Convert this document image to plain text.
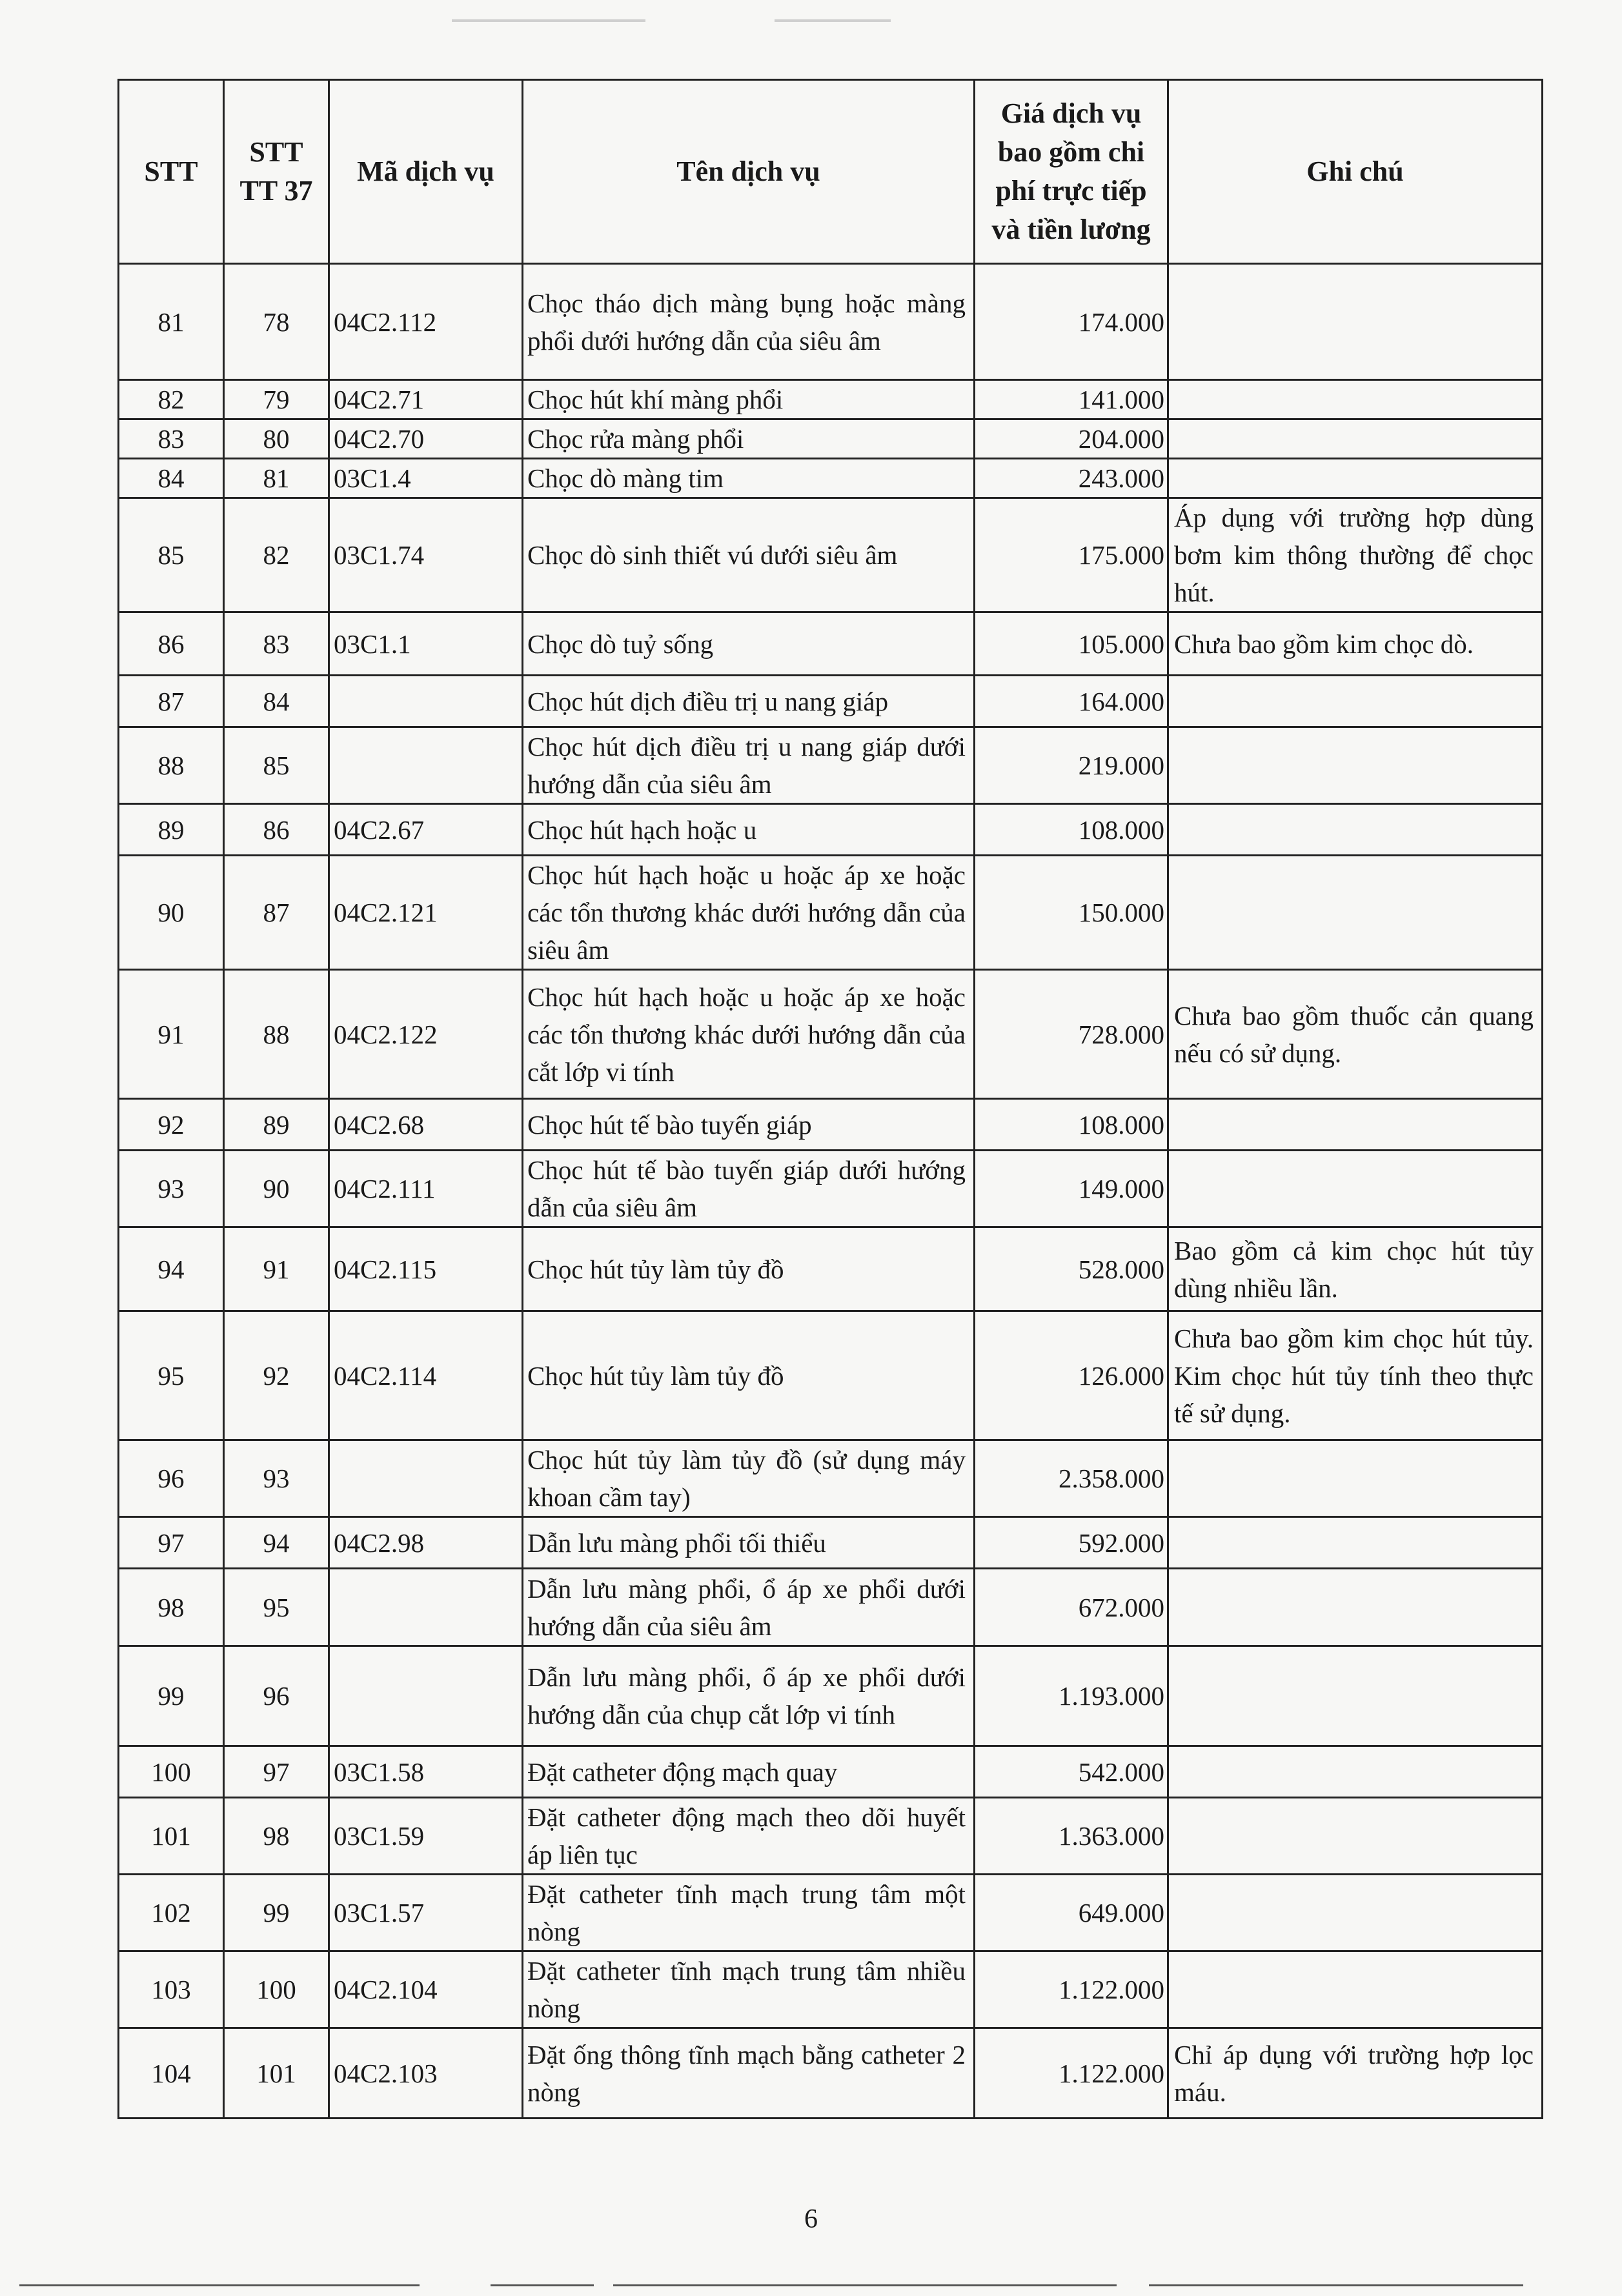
STT	STT TT 37	Mã dịch vụ	Tên dịch vụ	Giá dịch vụ bao gồm chi phí trực tiếp và tiền lương	Ghi chú
81	78	04C2.112	Chọc tháo dịch màng bụng hoặc màng phổi dưới hướng dẫn của siêu âm	174.000	
82	79	04C2.71	Chọc hút khí màng phổi	141.000	
83	80	04C2.70	Chọc rửa màng phổi	204.000	
84	81	03C1.4	Chọc dò màng tim	243.000	
85	82	03C1.74	Chọc dò sinh thiết vú dưới siêu âm	175.000	Áp dụng với trường hợp dùng bơm kim thông thường để chọc hút.
86	83	03C1.1	Chọc dò tuỷ sống	105.000	Chưa bao gồm kim chọc dò.
87	84		Chọc hút dịch điều trị u nang giáp	164.000	
88	85		Chọc hút dịch điều trị u nang giáp dưới hướng dẫn của siêu âm	219.000	
89	86	04C2.67	Chọc hút hạch hoặc u	108.000	
90	87	04C2.121	Chọc hút hạch hoặc u hoặc áp xe hoặc các tổn thương khác dưới hướng dẫn của siêu âm	150.000	
91	88	04C2.122	Chọc hút hạch hoặc u hoặc áp xe hoặc các tổn thương khác dưới hướng dẫn của cắt lớp vi tính	728.000	Chưa bao gồm thuốc cản quang nếu có sử dụng.
92	89	04C2.68	Chọc hút tế bào tuyến giáp	108.000	
93	90	04C2.111	Chọc hút tế bào tuyến giáp dưới hướng dẫn của siêu âm	149.000	
94	91	04C2.115	Chọc hút tủy làm tủy đồ	528.000	Bao gồm cả kim chọc hút tủy dùng nhiều lần.
95	92	04C2.114	Chọc hút tủy làm tủy đồ	126.000	Chưa bao gồm kim chọc hút tủy. Kim chọc hút tủy tính theo thực tế sử dụng.
96	93		Chọc hút tủy làm tủy đồ (sử dụng máy khoan cầm tay)	2.358.000	
97	94	04C2.98	Dẫn lưu màng phổi tối thiểu	592.000	
98	95		Dẫn lưu màng phổi, ổ áp xe phổi dưới hướng dẫn của siêu âm	672.000	
99	96		Dẫn lưu màng phổi, ổ áp xe phổi dưới hướng dẫn của chụp cắt lớp vi tính	1.193.000	
100	97	03C1.58	Đặt catheter động mạch quay	542.000	
101	98	03C1.59	Đặt catheter động mạch theo dõi huyết áp liên tục	1.363.000	
102	99	03C1.57	Đặt catheter tĩnh mạch trung tâm một nòng	649.000	
103	100	04C2.104	Đặt catheter tĩnh mạch trung tâm nhiều nòng	1.122.000	
104	101	04C2.103	Đặt ống thông tĩnh mạch bằng catheter 2 nòng	1.122.000	Chỉ áp dụng với trường hợp lọc máu.
6
